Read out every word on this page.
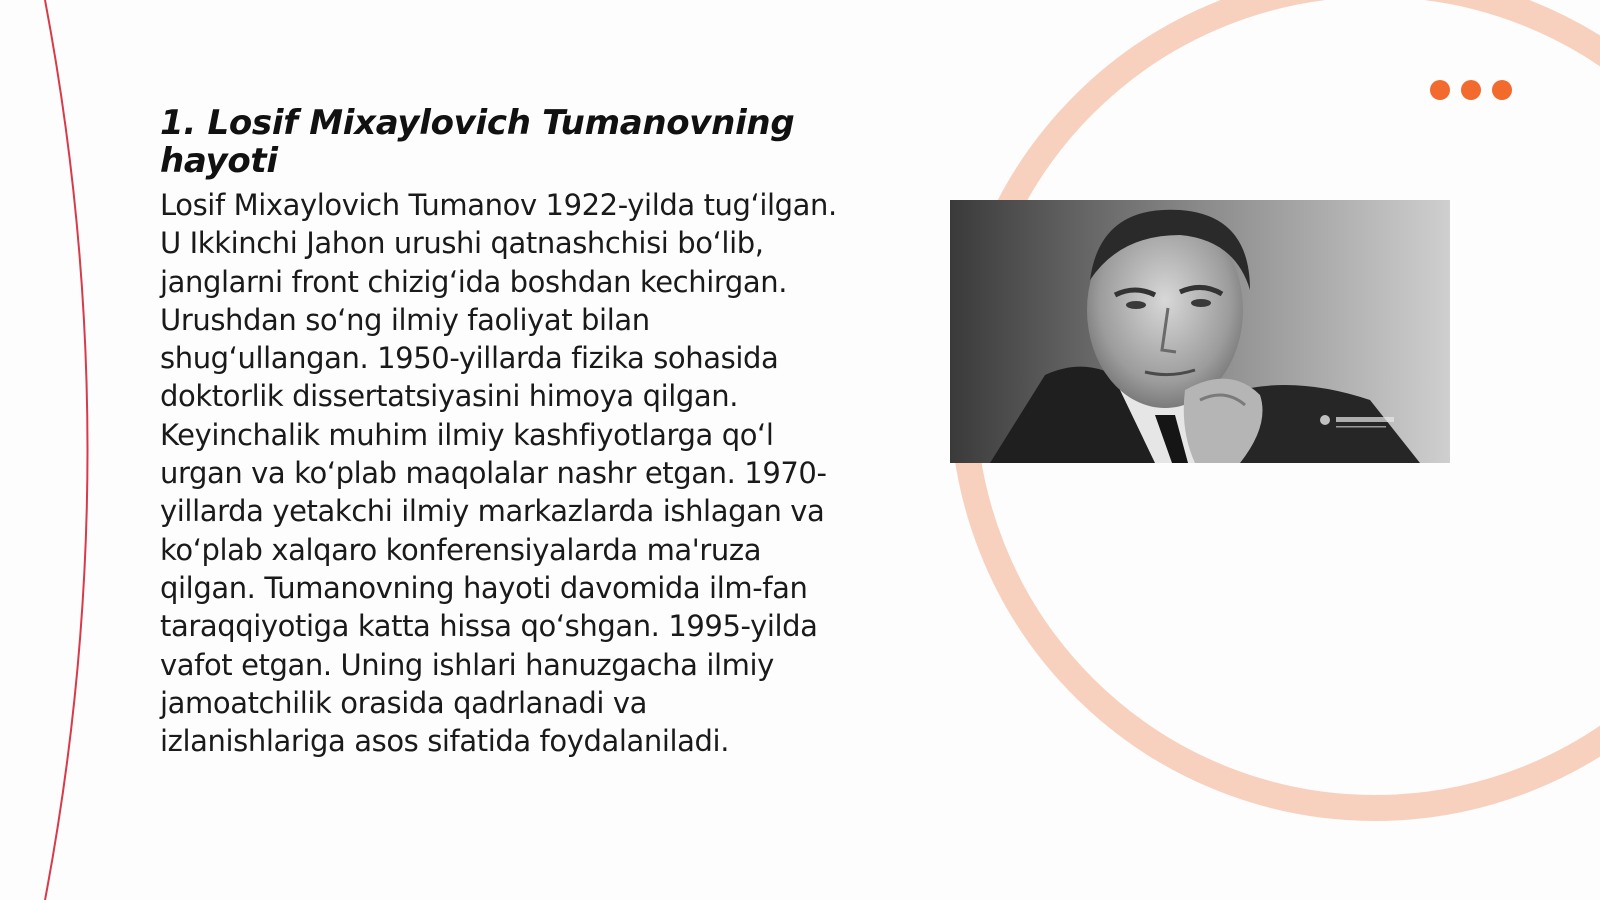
1. Losif Mixaylovich Tumanovning hayoti

Losif Mixaylovich Tumanov 1922-yilda tugʻilgan. U Ikkinchi Jahon urushi qatnashchisi boʻlib, janglarni front chizigʻida boshdan kechirgan. Urushdan soʻng ilmiy faoliyat bilan shugʻullangan. 1950-yillarda fizika sohasida doktorlik dissertatsiyasini himoya qilgan. Keyinchalik muhim ilmiy kashfiyotlarga qoʻl urgan va koʻplab maqolalar nashr etgan. 1970-yillarda yetakchi ilmiy markazlarda ishlagan va koʻplab xalqaro konferensiyalarda ma'ruza qilgan. Tumanovning hayoti davomida ilm-fan taraqqiyotiga katta hissa qoʻshgan. 1995-yilda vafot etgan. Uning ishlari hanuzgacha ilmiy jamoatchilik orasida qadrlanadi va izlanishlariga asos sifatida foydalaniladi.
